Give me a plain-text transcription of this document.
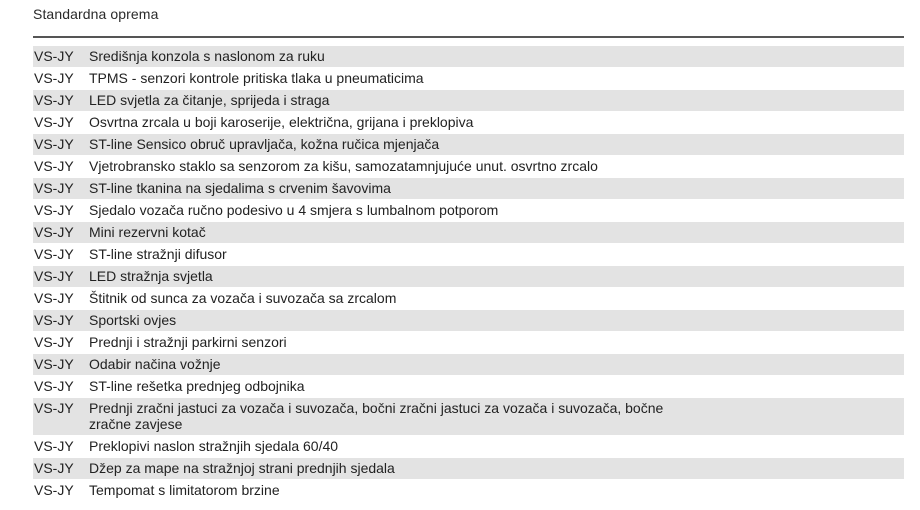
Standardna oprema
VS-JY	Središnja konzola s naslonom za ruku
VS-JY	TPMS - senzori kontrole pritiska tlaka u pneumaticima
VS-JY	LED svjetla za čitanje, sprijeda i straga
VS-JY	Osvrtna zrcala u boji karoserije, električna, grijana i preklopiva
VS-JY	ST-line Sensico obruč upravljača, kožna ručica mjenjača
VS-JY	Vjetrobransko staklo sa senzorom za kišu, samozatamnjujuće unut. osvrtno zrcalo
VS-JY	ST-line tkanina na sjedalima s crvenim šavovima
VS-JY	Sjedalo vozača ručno podesivo u 4 smjera s lumbalnom potporom
VS-JY	Mini rezervni kotač
VS-JY	ST-line stražnji difusor
VS-JY	LED stražnja svjetla
VS-JY	Štitnik od sunca za vozača i suvozača sa zrcalom
VS-JY	Sportski ovjes
VS-JY	Prednji i stražnji parkirni senzori
VS-JY	Odabir načina vožnje
VS-JY	ST-line rešetka prednjeg odbojnika
VS-JY	Prednji zračni jastuci za vozača i suvozača, bočni zračni jastuci za vozača i suvozača, bočne zračne zavjese
VS-JY	Preklopivi naslon stražnjih sjedala 60/40
VS-JY	Džep za mape na stražnjoj strani prednjih sjedala
VS-JY	Tempomat s limitatorom brzine
